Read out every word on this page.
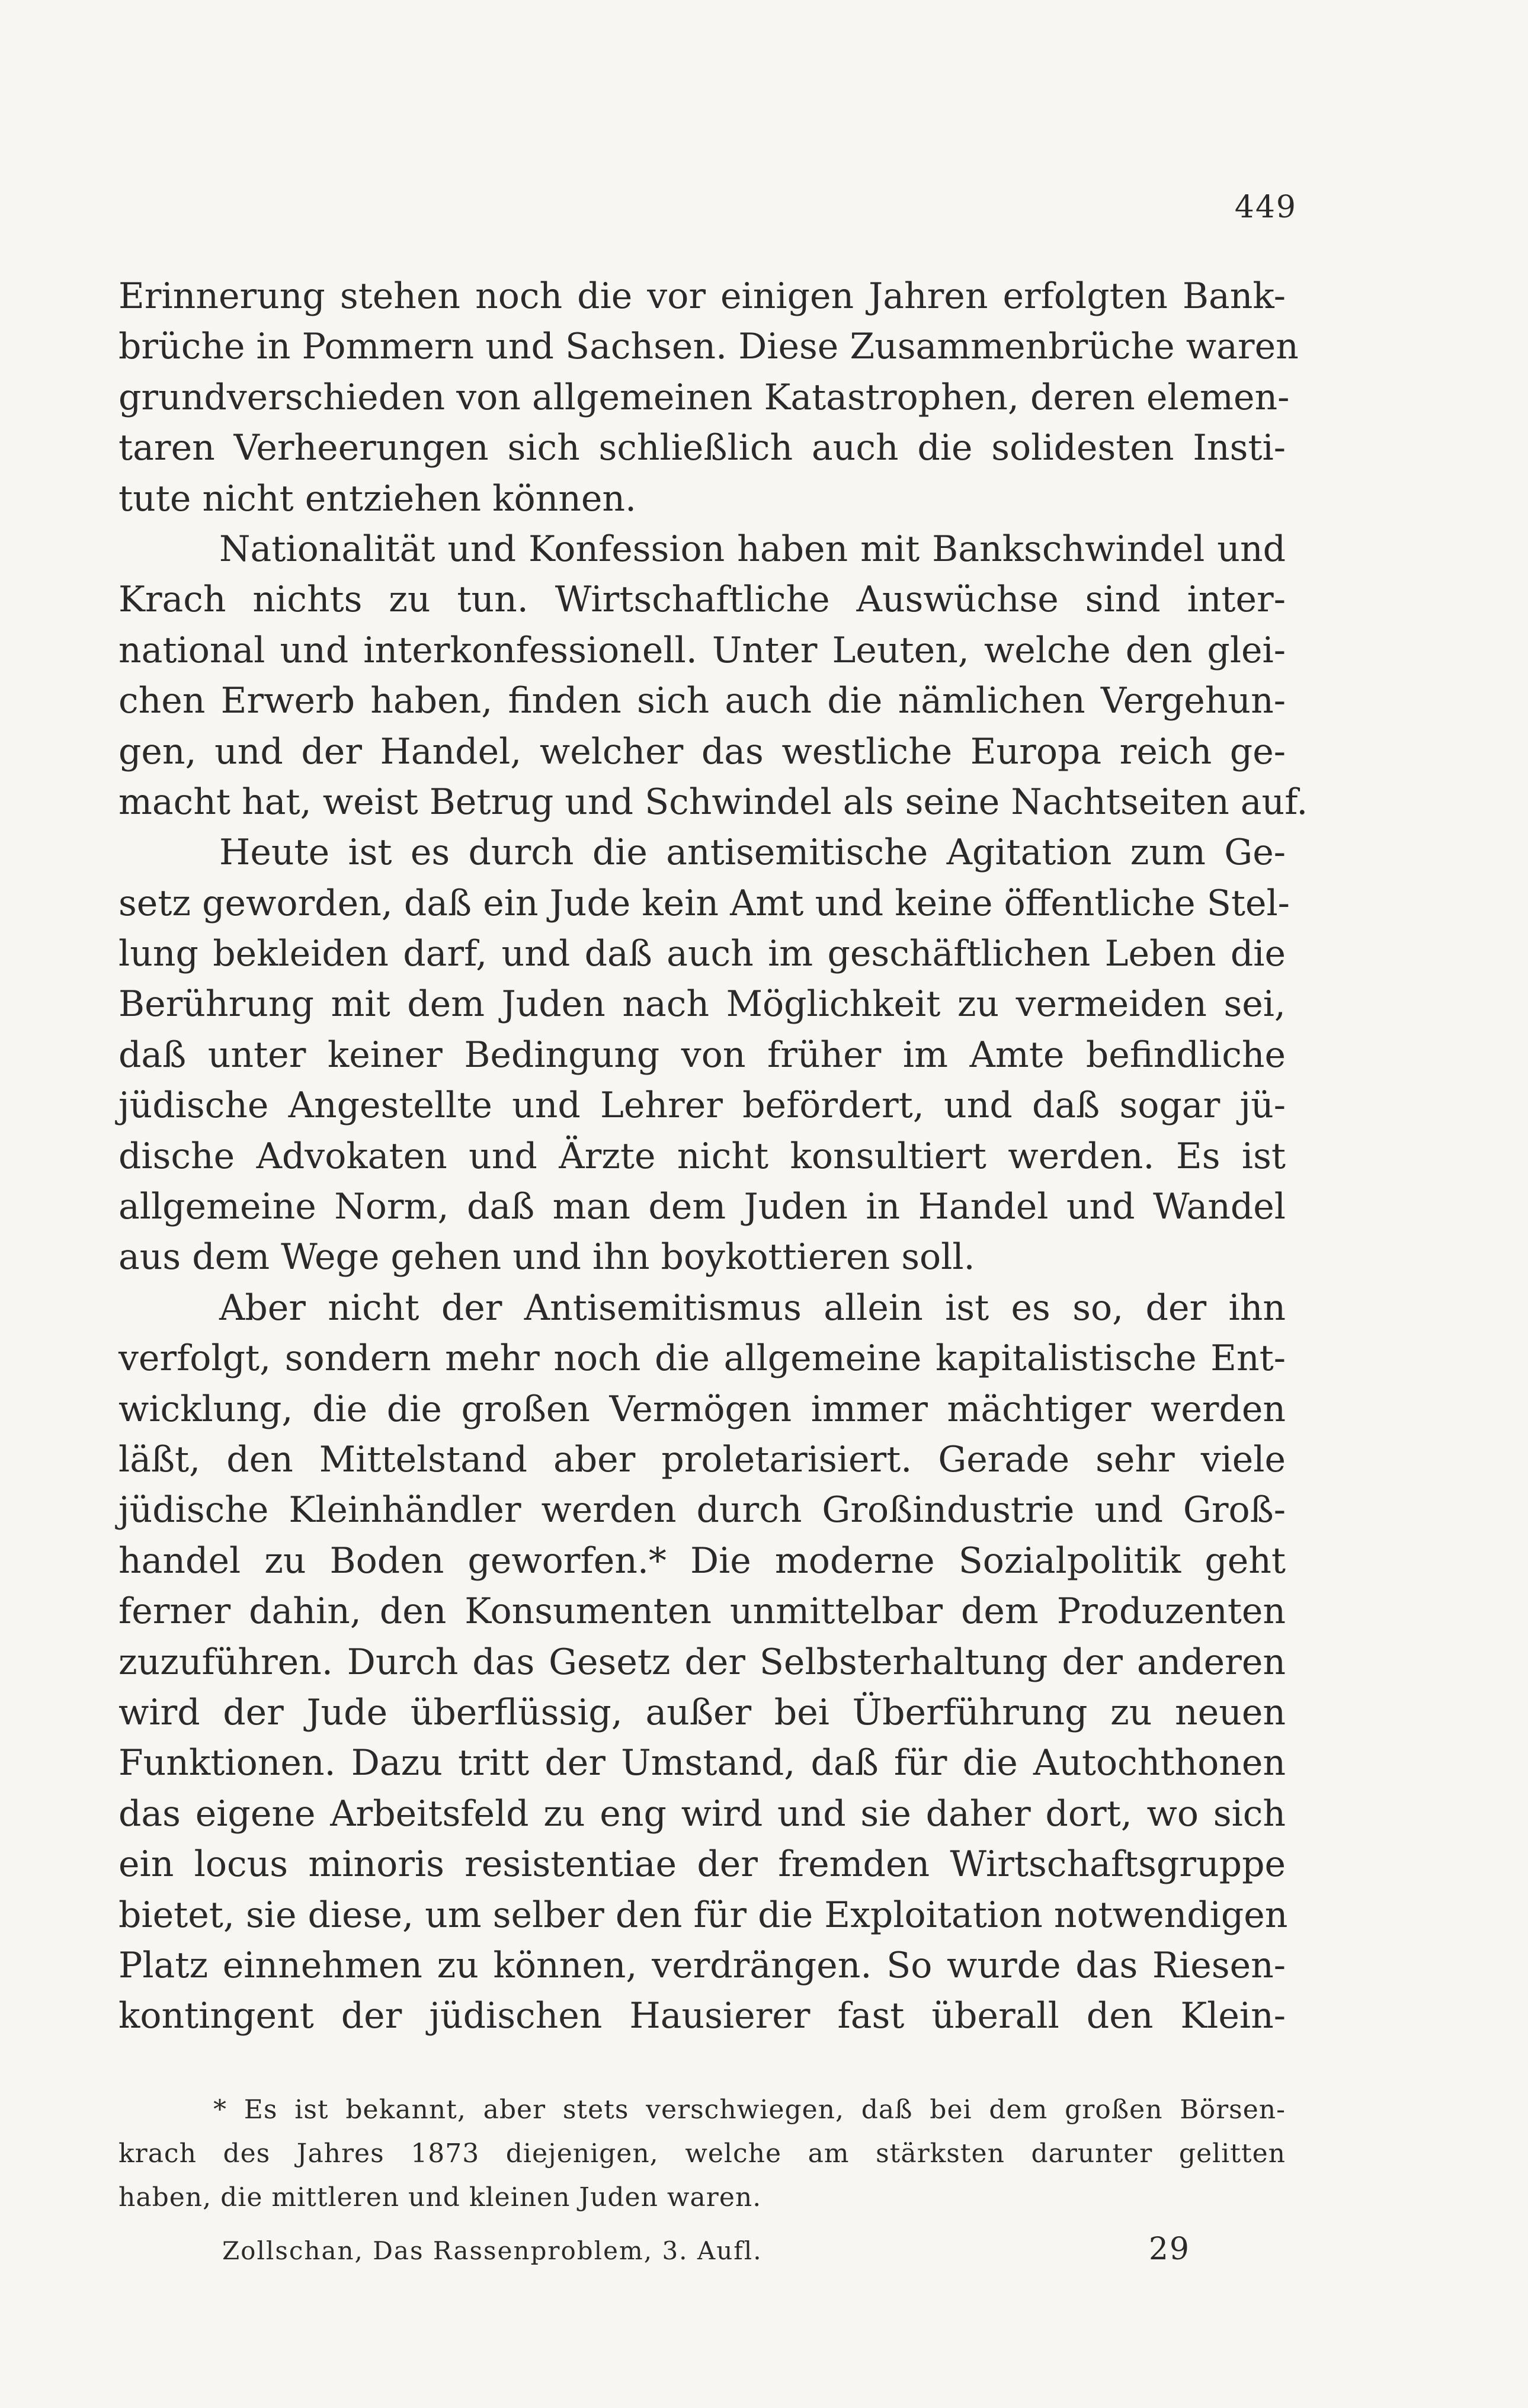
449
Erinnerung stehen noch die vor einigen Jahren erfolgten Bank-
brüche in Pommern und Sachsen. Diese Zusammenbrüche waren
grundverschieden von allgemeinen Katastrophen, deren elemen-
taren Verheerungen sich schließlich auch die solidesten Insti-
tute nicht entziehen können.
Nationalität und Konfession haben mit Bankschwindel und
Krach nichts zu tun. Wirtschaftliche Auswüchse sind inter-
national und interkonfessionell. Unter Leuten, welche den glei-
chen Erwerb haben, finden sich auch die nämlichen Vergehun-
gen, und der Handel, welcher das westliche Europa reich ge-
macht hat, weist Betrug und Schwindel als seine Nachtseiten auf.
Heute ist es durch die antisemitische Agitation zum Ge-
setz geworden, daß ein Jude kein Amt und keine öffentliche Stel-
lung bekleiden darf, und daß auch im geschäftlichen Leben die
Berührung mit dem Juden nach Möglichkeit zu vermeiden sei,
daß unter keiner Bedingung von früher im Amte befindliche
jüdische Angestellte und Lehrer befördert, und daß sogar jü-
dische Advokaten und Ärzte nicht konsultiert werden. Es ist
allgemeine Norm, daß man dem Juden in Handel und Wandel
aus dem Wege gehen und ihn boykottieren soll.
Aber nicht der Antisemitismus allein ist es so, der ihn
verfolgt, sondern mehr noch die allgemeine kapitalistische Ent-
wicklung, die die großen Vermögen immer mächtiger werden
läßt, den Mittelstand aber proletarisiert. Gerade sehr viele
jüdische Kleinhändler werden durch Großindustrie und Groß-
handel zu Boden geworfen.* Die moderne Sozialpolitik geht
ferner dahin, den Konsumenten unmittelbar dem Produzenten
zuzuführen. Durch das Gesetz der Selbsterhaltung der anderen
wird der Jude überflüssig, außer bei Überführung zu neuen
Funktionen. Dazu tritt der Umstand, daß für die Autochthonen
das eigene Arbeitsfeld zu eng wird und sie daher dort, wo sich
ein locus minoris resistentiae der fremden Wirtschaftsgruppe
bietet, sie diese, um selber den für die Exploitation notwendigen
Platz einnehmen zu können, verdrängen. So wurde das Riesen-
kontingent der jüdischen Hausierer fast überall den Klein-
* Es ist bekannt, aber stets verschwiegen, daß bei dem großen Börsen-
krach des Jahres 1873 diejenigen, welche am stärksten darunter gelitten
haben, die mittleren und kleinen Juden waren.
Zollschan, Das Rassenproblem, 3. Aufl.	29
